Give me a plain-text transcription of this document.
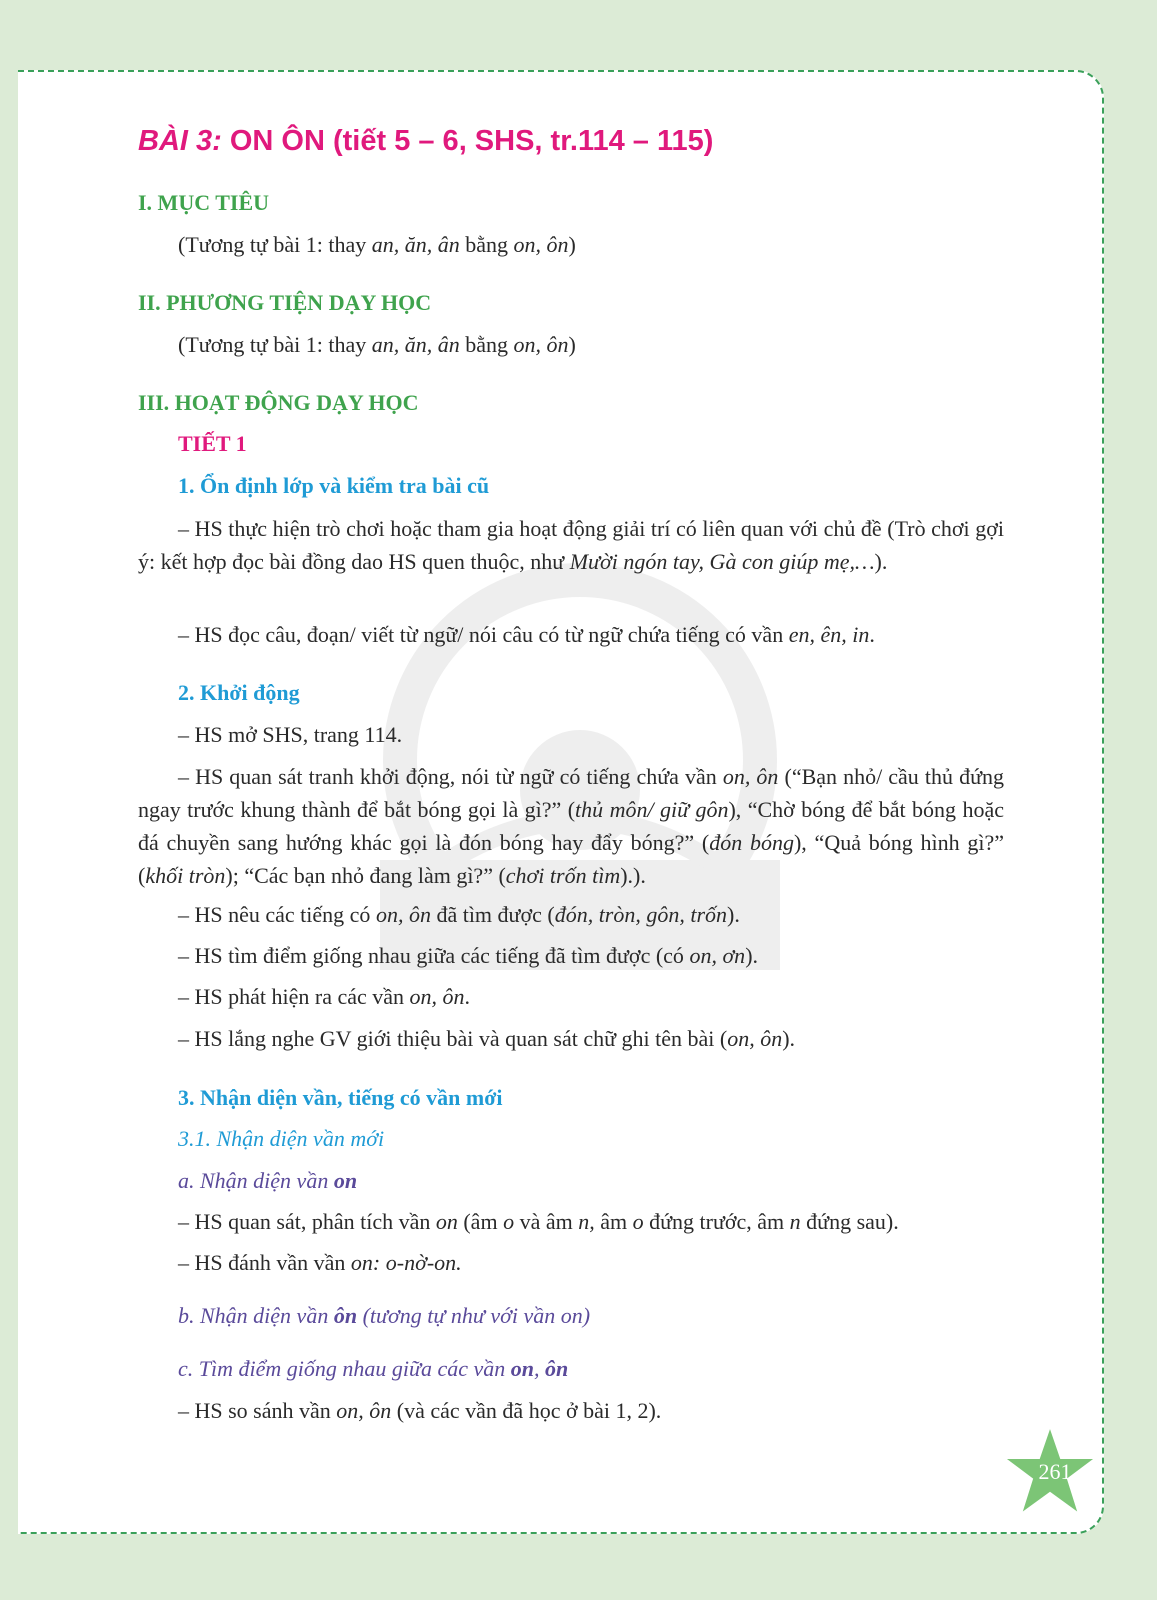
BÀI 3: ON ÔN (tiết 5 – 6, SHS, tr.114 – 115)
I. MỤC TIÊU
(Tương tự bài 1: thay an, ăn, ân bằng on, ôn)
II. PHƯƠNG TIỆN DẠY HỌC
(Tương tự bài 1: thay an, ăn, ân bằng on, ôn)
III. HOẠT ĐỘNG DẠY HỌC
TIẾT 1
1. Ổn định lớp và kiểm tra bài cũ
– HS thực hiện trò chơi hoặc tham gia hoạt động giải trí có liên quan với chủ đề (Trò chơi gợi ý: kết hợp đọc bài đồng dao HS quen thuộc, như Mười ngón tay, Gà con giúp mẹ,…).
– HS đọc câu, đoạn/ viết từ ngữ/ nói câu có từ ngữ chứa tiếng có vần en, ên, in.
2. Khởi động
– HS mở SHS, trang 114.
– HS quan sát tranh khởi động, nói từ ngữ có tiếng chứa vần on, ôn (“Bạn nhỏ/ cầu thủ đứng ngay trước khung thành để bắt bóng gọi là gì?” (thủ môn/ giữ gôn), “Chờ bóng để bắt bóng hoặc đá chuyền sang hướng khác gọi là đón bóng hay đẩy bóng?” (đón bóng), “Quả bóng hình gì?” (khối tròn); “Các bạn nhỏ đang làm gì?” (chơi trốn tìm).).
– HS nêu các tiếng có on, ôn đã tìm được (đón, tròn, gôn, trốn).
– HS tìm điểm giống nhau giữa các tiếng đã tìm được (có on, ơn).
– HS phát hiện ra các vần on, ôn.
– HS lắng nghe GV giới thiệu bài và quan sát chữ ghi tên bài (on, ôn).
3. Nhận diện vần, tiếng có vần mới
3.1. Nhận diện vần mới
a. Nhận diện vần on
– HS quan sát, phân tích vần on (âm o và âm n, âm o đứng trước, âm n đứng sau).
– HS đánh vần vần on: o-nờ-on.
b. Nhận diện vần ôn (tương tự như với vần on)
c. Tìm điểm giống nhau giữa các vần on, ôn
– HS so sánh vần on, ôn (và các vần đã học ở bài 1, 2).
261
